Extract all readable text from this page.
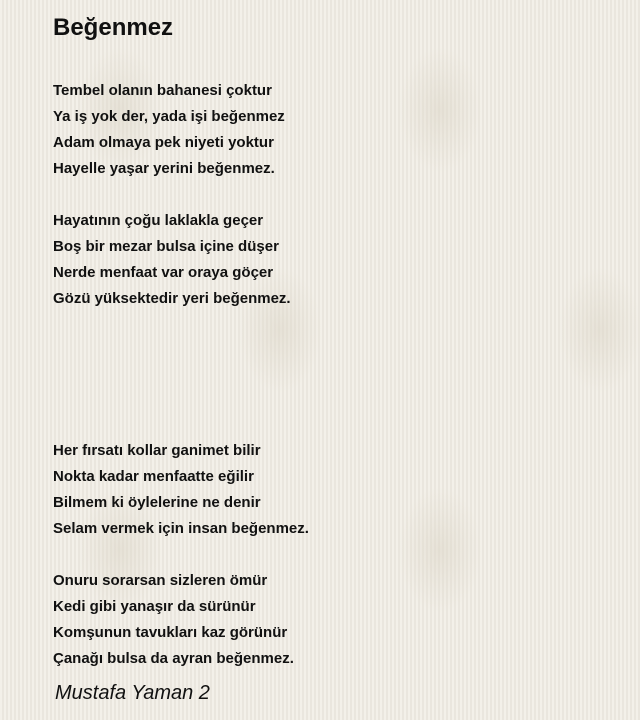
Beğenmez

Tembel olanın bahanesi çoktur
Ya iş yok der, yada işi beğenmez
Adam olmaya pek niyeti yoktur
Hayelle yaşar yerini beğenmez.

Hayatının çoğu laklakla geçer
Boş bir mezar bulsa içine düşer
Nerde menfaat var oraya göçer
Gözü yüksektedir yeri beğenmez.

Her fırsatı kollar ganimet bilir
Nokta kadar menfaatte eğilir
Bilmem ki öylelerine ne denir
Selam vermek için insan beğenmez.

Onuru sorarsan sizleren ömür
Kedi gibi yanaşır da sürünür
Komşunun tavukları kaz görünür
Çanağı bulsa da ayran beğenmez.

Mustafa Yaman 2
